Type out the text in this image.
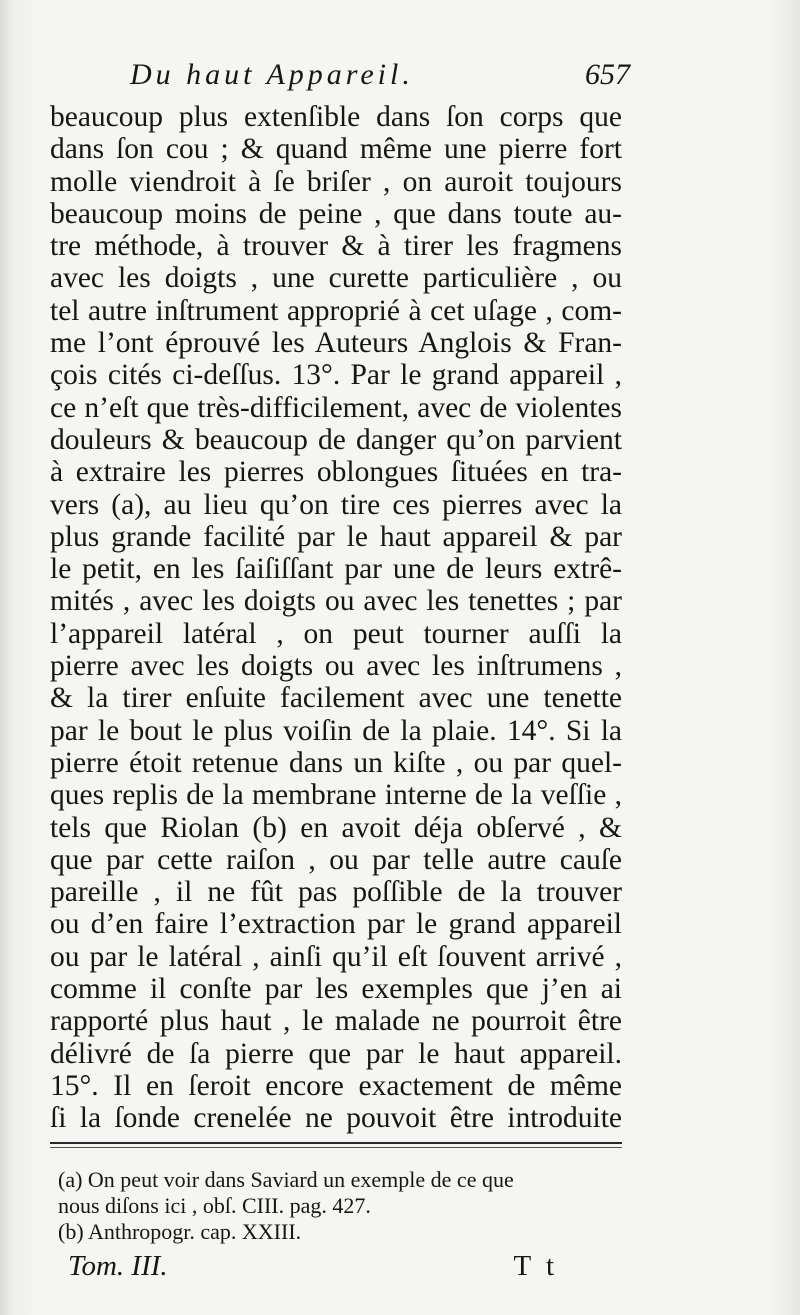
Du haut Appareil.	657
beaucoup plus extenſible dans ſon corps que
dans ſon cou ; & quand même une pierre fort
molle viendroit à ſe briſer , on auroit toujours
beaucoup moins de peine , que dans toute au-
tre méthode, à trouver & à tirer les fragmens
avec les doigts , une curette particulière , ou
tel autre inſtrument approprié à cet uſage , com-
me l’ont éprouvé les Auteurs Anglois & Fran-
çois cités ci-deſſus. 13°. Par le grand appareil ,
ce n’eſt que très-difficilement, avec de violentes
douleurs & beaucoup de danger qu’on parvient
à extraire les pierres oblongues ſituées en tra-
vers (a), au lieu qu’on tire ces pierres avec la
plus grande facilité par le haut appareil & par
le petit, en les ſaiſiſſant par une de leurs extrê-
mités , avec les doigts ou avec les tenettes ; par
l’appareil latéral , on peut tourner auſſi la
pierre avec les doigts ou avec les inſtrumens ,
& la tirer enſuite facilement avec une tenette
par le bout le plus voiſin de la plaie. 14°. Si la
pierre étoit retenue dans un kiſte , ou par quel-
ques replis de la membrane interne de la veſſie ,
tels que Riolan (b) en avoit déja obſervé , &
que par cette raiſon , ou par telle autre cauſe
pareille , il ne fût pas poſſible de la trouver
ou d’en faire l’extraction par le grand appareil
ou par le latéral , ainſi qu’il eſt ſouvent arrivé ,
comme il conſte par les exemples que j’en ai
rapporté plus haut , le malade ne pourroit être
délivré de ſa pierre que par le haut appareil.
15°. Il en ſeroit encore exactement de même
ſi la ſonde crenelée ne pouvoit être introduite
(a) On peut voir dans Saviard un exemple de ce que
nous diſons ici , obſ. CIII. pag. 427.
(b) Anthropogr. cap. XXIII.
Tom. III.	T t
